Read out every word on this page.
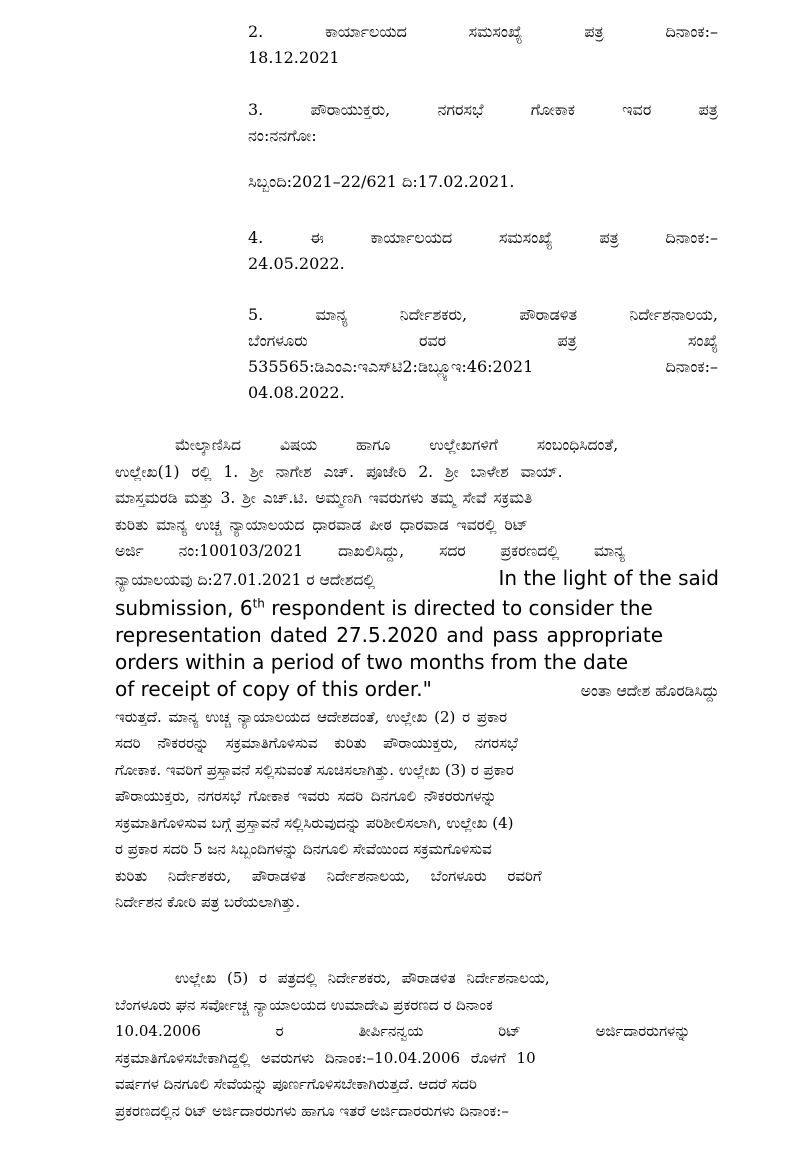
2.	ಕಾರ್ಯಾಲಯದ	ಸಮಸಂಖ್ಯೆ	ಪತ್ರ	ದಿನಾಂಕ:–
18.12.2021
3.	ಪೌರಾಯುಕ್ತರು,	ನಗರಸಭೆ	ಗೋಕಾಕ	ಇವರ	ಪತ್ರ
ನಂ:ನನಗೋ:
ಸಿಬ್ಬಂದಿ:2021–22/621 ದಿ:17.02.2021.
4.	ಈ	ಕಾರ್ಯಾಲಯದ	ಸಮಸಂಖ್ಯೆ	ಪತ್ರ	ದಿನಾಂಕ:–
24.05.2022.
5.	ಮಾನ್ಯ	ನಿರ್ದೇಶಕರು,	ಪೌರಾಡಳಿತ	ನಿರ್ದೇಶನಾಲಯ,
ಬೆಂಗಳೂರು	ರವರ	ಪತ್ರ	ಸಂಖ್ಯೆ
535565:ಡಿಎಂಎ:ಇಎಸ್‌ಟಿ2:ಡಿಬ್ಲ್ಯೂಇ:46:2021	ದಿನಾಂಕ:–
04.08.2022.
ಮೇಲ್ಕಾಣಿಸಿದ ವಿಷಯ ಹಾಗೂ ಉಲ್ಲೇಖಗಳಿಗೆ ಸಂಬಂಧಿಸಿದಂತೆ,
ಉಲ್ಲೇಖ(1) ರಲ್ಲಿ 1. ಶ್ರೀ ನಾಗೇಶ ಎಚ್. ಪೂಜೇರಿ 2. ಶ್ರೀ ಬಾಳೇಶ ವಾಯ್.
ಮಾಸ್ತಮರಡಿ ಮತ್ತು 3. ಶ್ರೀ ಎಚ್.ಟಿ. ಅಮ್ಮಣಗಿ ಇವರುಗಳು ತಮ್ಮ ಸೇವೆ ಸಕ್ರಮತಿ
ಕುರಿತು ಮಾನ್ಯ ಉಚ್ಚ ನ್ಯಾಯಾಲಯದ ಧಾರವಾಡ ಪೀಠ ಧಾರವಾಡ ಇವರಲ್ಲಿ ರಿಟ್
ಅರ್ಜಿ ನಂ:100103/2021 ದಾಖಲಿಸಿದ್ದು, ಸದರ ಪ್ರಕರಣದಲ್ಲಿ ಮಾನ್ಯ
ನ್ಯಾಯಾಲಯವು ದಿ:27.01.2021 ರ ಆದೇಶದಲ್ಲಿ	In the light of the said
submission, 6th respondent is directed to consider the
representation dated 27.5.2020 and pass appropriate
orders within a period of two months from the date
of receipt of copy of this order."	ಅಂತಾ ಆದೇಶ ಹೊರಡಿಸಿದ್ದು
ಇರುತ್ತದೆ. ಮಾನ್ಯ ಉಚ್ಚ ನ್ಯಾಯಾಲಯದ ಆದೇಶದಂತೆ, ಉಲ್ಲೇಖ (2) ರ ಪ್ರಕಾರ
ಸದರಿ ನೌಕರರನ್ನು ಸಕ್ರಮಾತಿಗೊಳಿಸುವ ಕುರಿತು ಪೌರಾಯುಕ್ತರು, ನಗರಸಭೆ
ಗೋಕಾಕ. ಇವರಿಗೆ ಪ್ರಸ್ತಾವನೆ ಸಲ್ಲಿಸುವಂತೆ ಸೂಚಿಸಲಾಗಿತ್ತು. ಉಲ್ಲೇಖ (3) ರ ಪ್ರಕಾರ
ಪೌರಾಯುಕ್ತರು, ನಗರಸಭೆ ಗೋಕಾಕ ಇವರು ಸದರಿ ದಿನಗೂಲಿ ನೌಕರರುಗಳನ್ನು
ಸಕ್ರಮಾತಿಗೊಳಿಸುವ ಬಗ್ಗೆ ಪ್ರಸ್ತಾವನೆ ಸಲ್ಲಿಸಿರುವುದನ್ನು ಪರಿಶೀಲಿಸಲಾಗಿ, ಉಲ್ಲೇಖ (4)
ರ ಪ್ರಕಾರ ಸದರಿ 5 ಜನ ಸಿಬ್ಬಂದಿಗಳನ್ನು ದಿನಗೂಲಿ ಸೇವೆಯಿಂದ ಸಕ್ರಮಗೊಳಿಸುವ
ಕುರಿತು ನಿರ್ದೇಶಕರು, ಪೌರಾಡಳಿತ ನಿರ್ದೇಶನಾಲಯ, ಬೆಂಗಳೂರು ರವರಿಗೆ
ನಿರ್ದೇಶನ ಕೋರಿ ಪತ್ರ ಬರೆಯಲಾಗಿತ್ತು.
ಉಲ್ಲೇಖ (5) ರ ಪತ್ರದಲ್ಲಿ ನಿರ್ದೇಶಕರು, ಪೌರಾಡಳಿತ ನಿರ್ದೇಶನಾಲಯ,
ಬೆಂಗಳೂರು ಘನ ಸರ್ವೋಚ್ಚ ನ್ಯಾಯಾಲಯದ ಉಮಾದೇವಿ ಪ್ರಕರಣದ ರ ದಿನಾಂಕ
10.04.2006 ರ ತೀರ್ಪಿನನ್ವಯ ರಿಟ್ ಅರ್ಜಿದಾರರುಗಳನ್ನು
ಸಕ್ರಮಾತಿಗೊಳಿಸಬೇಕಾಗಿದ್ದಲ್ಲಿ ಅವರುಗಳು ದಿನಾಂಕ:–10.04.2006 ರೊಳಗೆ 10
ವರ್ಷಗಳ ದಿನಗೂಲಿ ಸೇವೆಯನ್ನು ಪೂರ್ಣಗೊಳಿಸಬೇಕಾಗಿರುತ್ತದೆ. ಆದರೆ ಸದರಿ
ಪ್ರಕರಣದಲ್ಲಿನ ರಿಟ್ ಅರ್ಜಿದಾರರುಗಳು ಹಾಗೂ ಇತರೆ ಅರ್ಜಿದಾರರುಗಳು ದಿನಾಂಕ:–
